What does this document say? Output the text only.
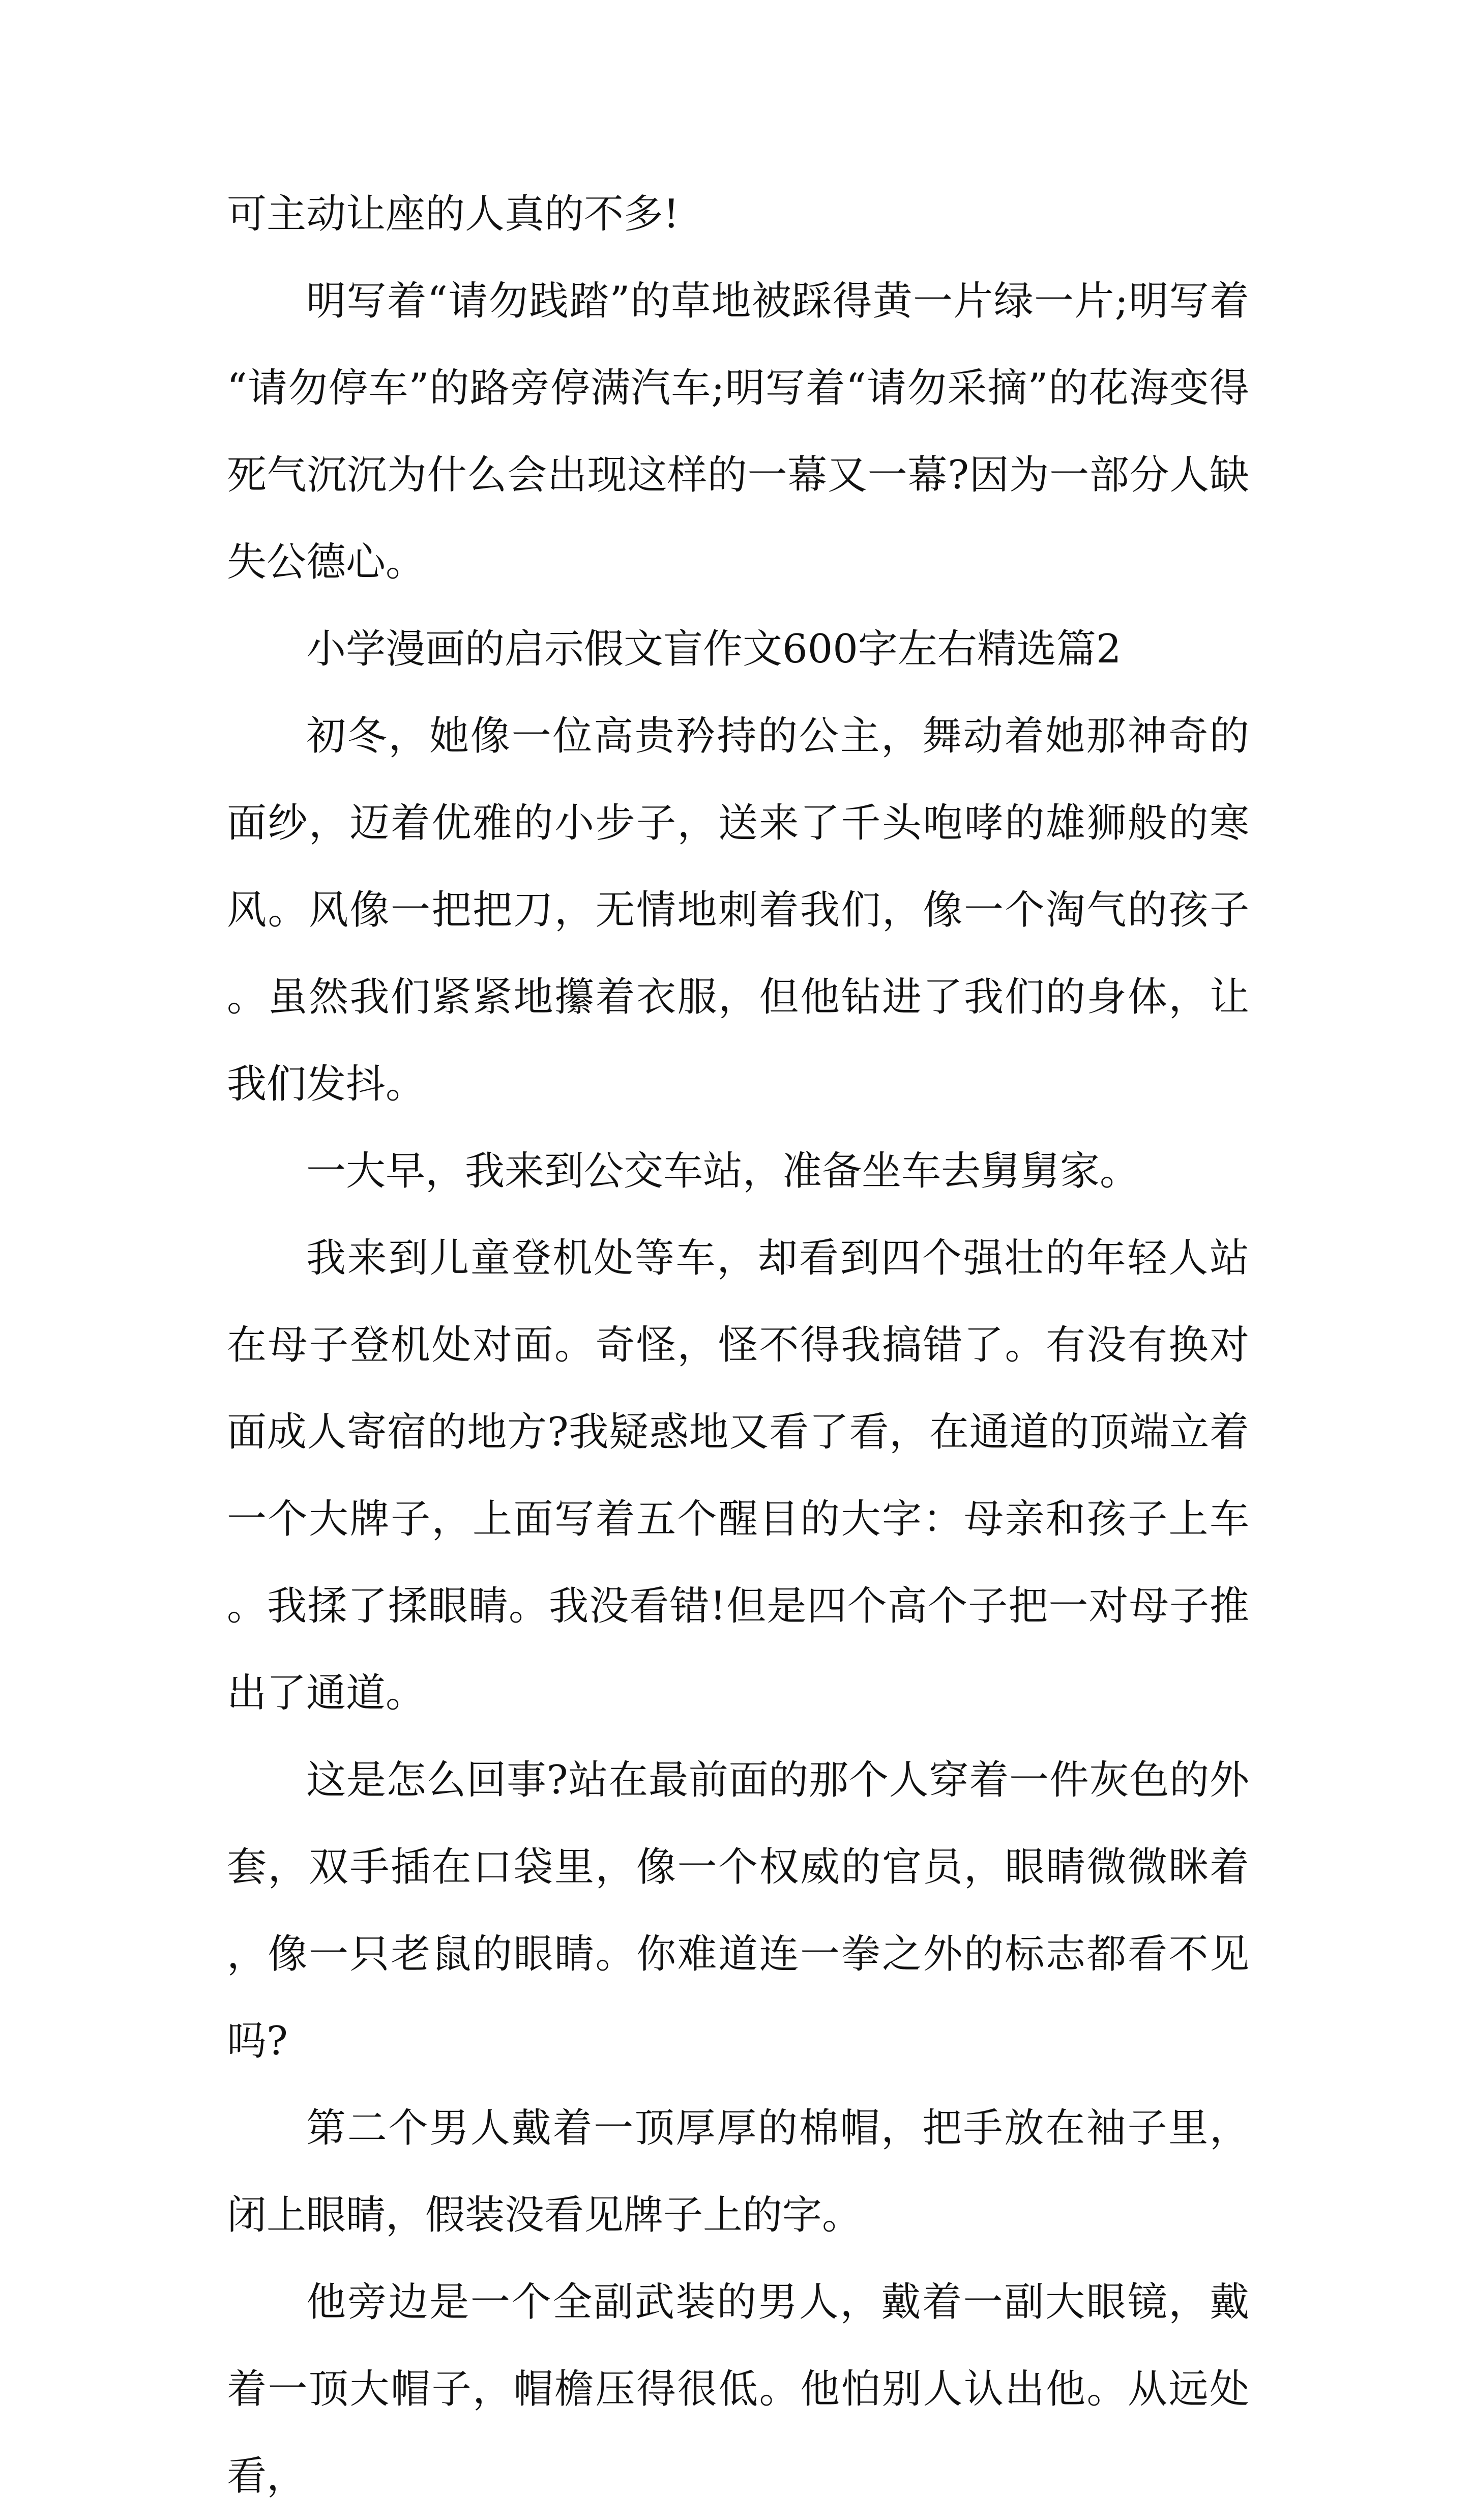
可主动让座的人真的不多!

明写着“请勿践踏”的草地被踩得黄一片绿一片;明写着“请勿停车”的路旁停满汽车;明写着“请勿采摘”的花海变得死气沉沉为什么会出现这样的一幕又一幕?因为一部分人缺失公德心。

小学漫画的启示假文盲作文600字左右精选篇2

初冬，她像一位高贵矜持的公主，舞动着她那神奇的面纱，迈着优雅的小步子，送来了千头咆哮的雄狮般的寒风。风像一把把刀，无情地刺着我们，像一个淘气的孩子。虽然我们紧紧地攥着衣服，但他钻进了我们的身体，让我们发抖。

一大早，我来到公交车站，准备坐车去舅舅家。

我来到儿童登机处等车，却看到四个强壮的年轻人站在母子登机处对面。奇怪，怪不得我搞错了。有没有换对面成人寄宿的地方?我疑惑地又看了看，在通道的顶端立着一个大牌子，上面写着五个醒目的大字：母亲和孩子上车。我揉了揉眼睛。我没看错!但是四个高个子把一对母子推出了通道。

这是怎么回事?站在最前面的那个人穿着一件灰色的外套，双手插在口袋里，像一个权威的官员，眼睛微微眯着，像一只老鼠的眼睛。你难道连一拳之外的标志都看不见吗?

第二个男人戴着一顶厚厚的棉帽，把手放在袖子里，闭上眼睛，假装没看见牌子上的字。

他旁边是一个全副武装的男人，戴着一副大眼镜，戴着一顶大帽子，帽檐压得很低。他怕别人认出他。从远处看，
